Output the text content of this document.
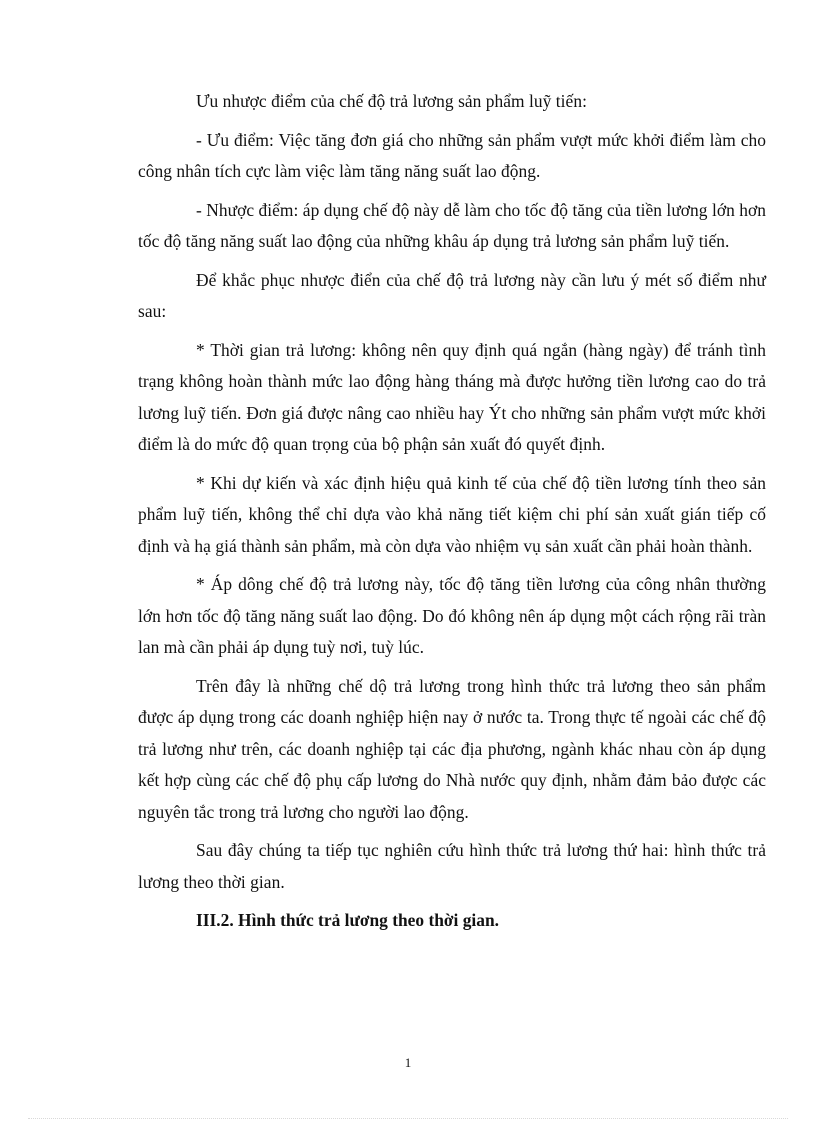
Ưu nhược điểm của chế độ trả lương sản phẩm luỹ tiến:

- Ưu điểm: Việc tăng đơn giá cho những sản phẩm vượt mức khởi điểm làm cho công nhân tích cực làm việc làm tăng năng suất lao động.

- Nhược điểm: áp dụng chế độ này dễ làm cho tốc độ tăng của tiền lương lớn hơn tốc độ tăng năng suất lao động của những khâu áp dụng trả lương sản phẩm luỹ tiến.

Để khắc phục nhược điển của chế độ trả lương này cần lưu ý mét số điểm như sau:

* Thời gian trả lương: không nên quy định quá ngắn (hàng ngày) để tránh tình trạng không hoàn thành mức lao động hàng tháng mà được hưởng tiền lương cao do trả lương luỹ tiến. Đơn giá được nâng cao nhiều hay Ýt cho những sản phẩm vượt mức khởi điểm là do mức độ quan trọng của bộ phận sản xuất đó quyết định.

* Khi dự kiến và xác định hiệu quả kinh tế của chế độ tiền lương tính theo sản phẩm luỹ tiến, không thể chỉ dựa vào khả năng tiết kiệm chi phí sản xuất gián tiếp cố định và hạ giá thành sản phẩm, mà còn dựa vào nhiệm vụ sản xuất cần phải hoàn thành.

* Áp dông chế độ trả lương này, tốc độ tăng tiền lương của công nhân thường lớn hơn tốc độ tăng năng suất lao động. Do đó không nên áp dụng một cách rộng rãi tràn lan mà cần phải áp dụng tuỳ nơi, tuỳ lúc.

Trên đây là những chế dộ trả lương trong hình thức trả lương theo sản phẩm được áp dụng trong các doanh nghiệp hiện nay ở nước ta. Trong thực tế ngoài các chế độ trả lương như trên, các doanh nghiệp tại các địa phương, ngành khác nhau còn áp dụng kết hợp cùng các chế độ phụ cấp lương do Nhà nước quy định, nhằm đảm bảo được các nguyên tắc trong trả lương cho người lao động.

Sau đây chúng ta tiếp tục nghiên cứu hình thức trả lương thứ hai: hình thức trả lương theo thời gian.

III.2. Hình thức trả lương theo thời gian.

1
